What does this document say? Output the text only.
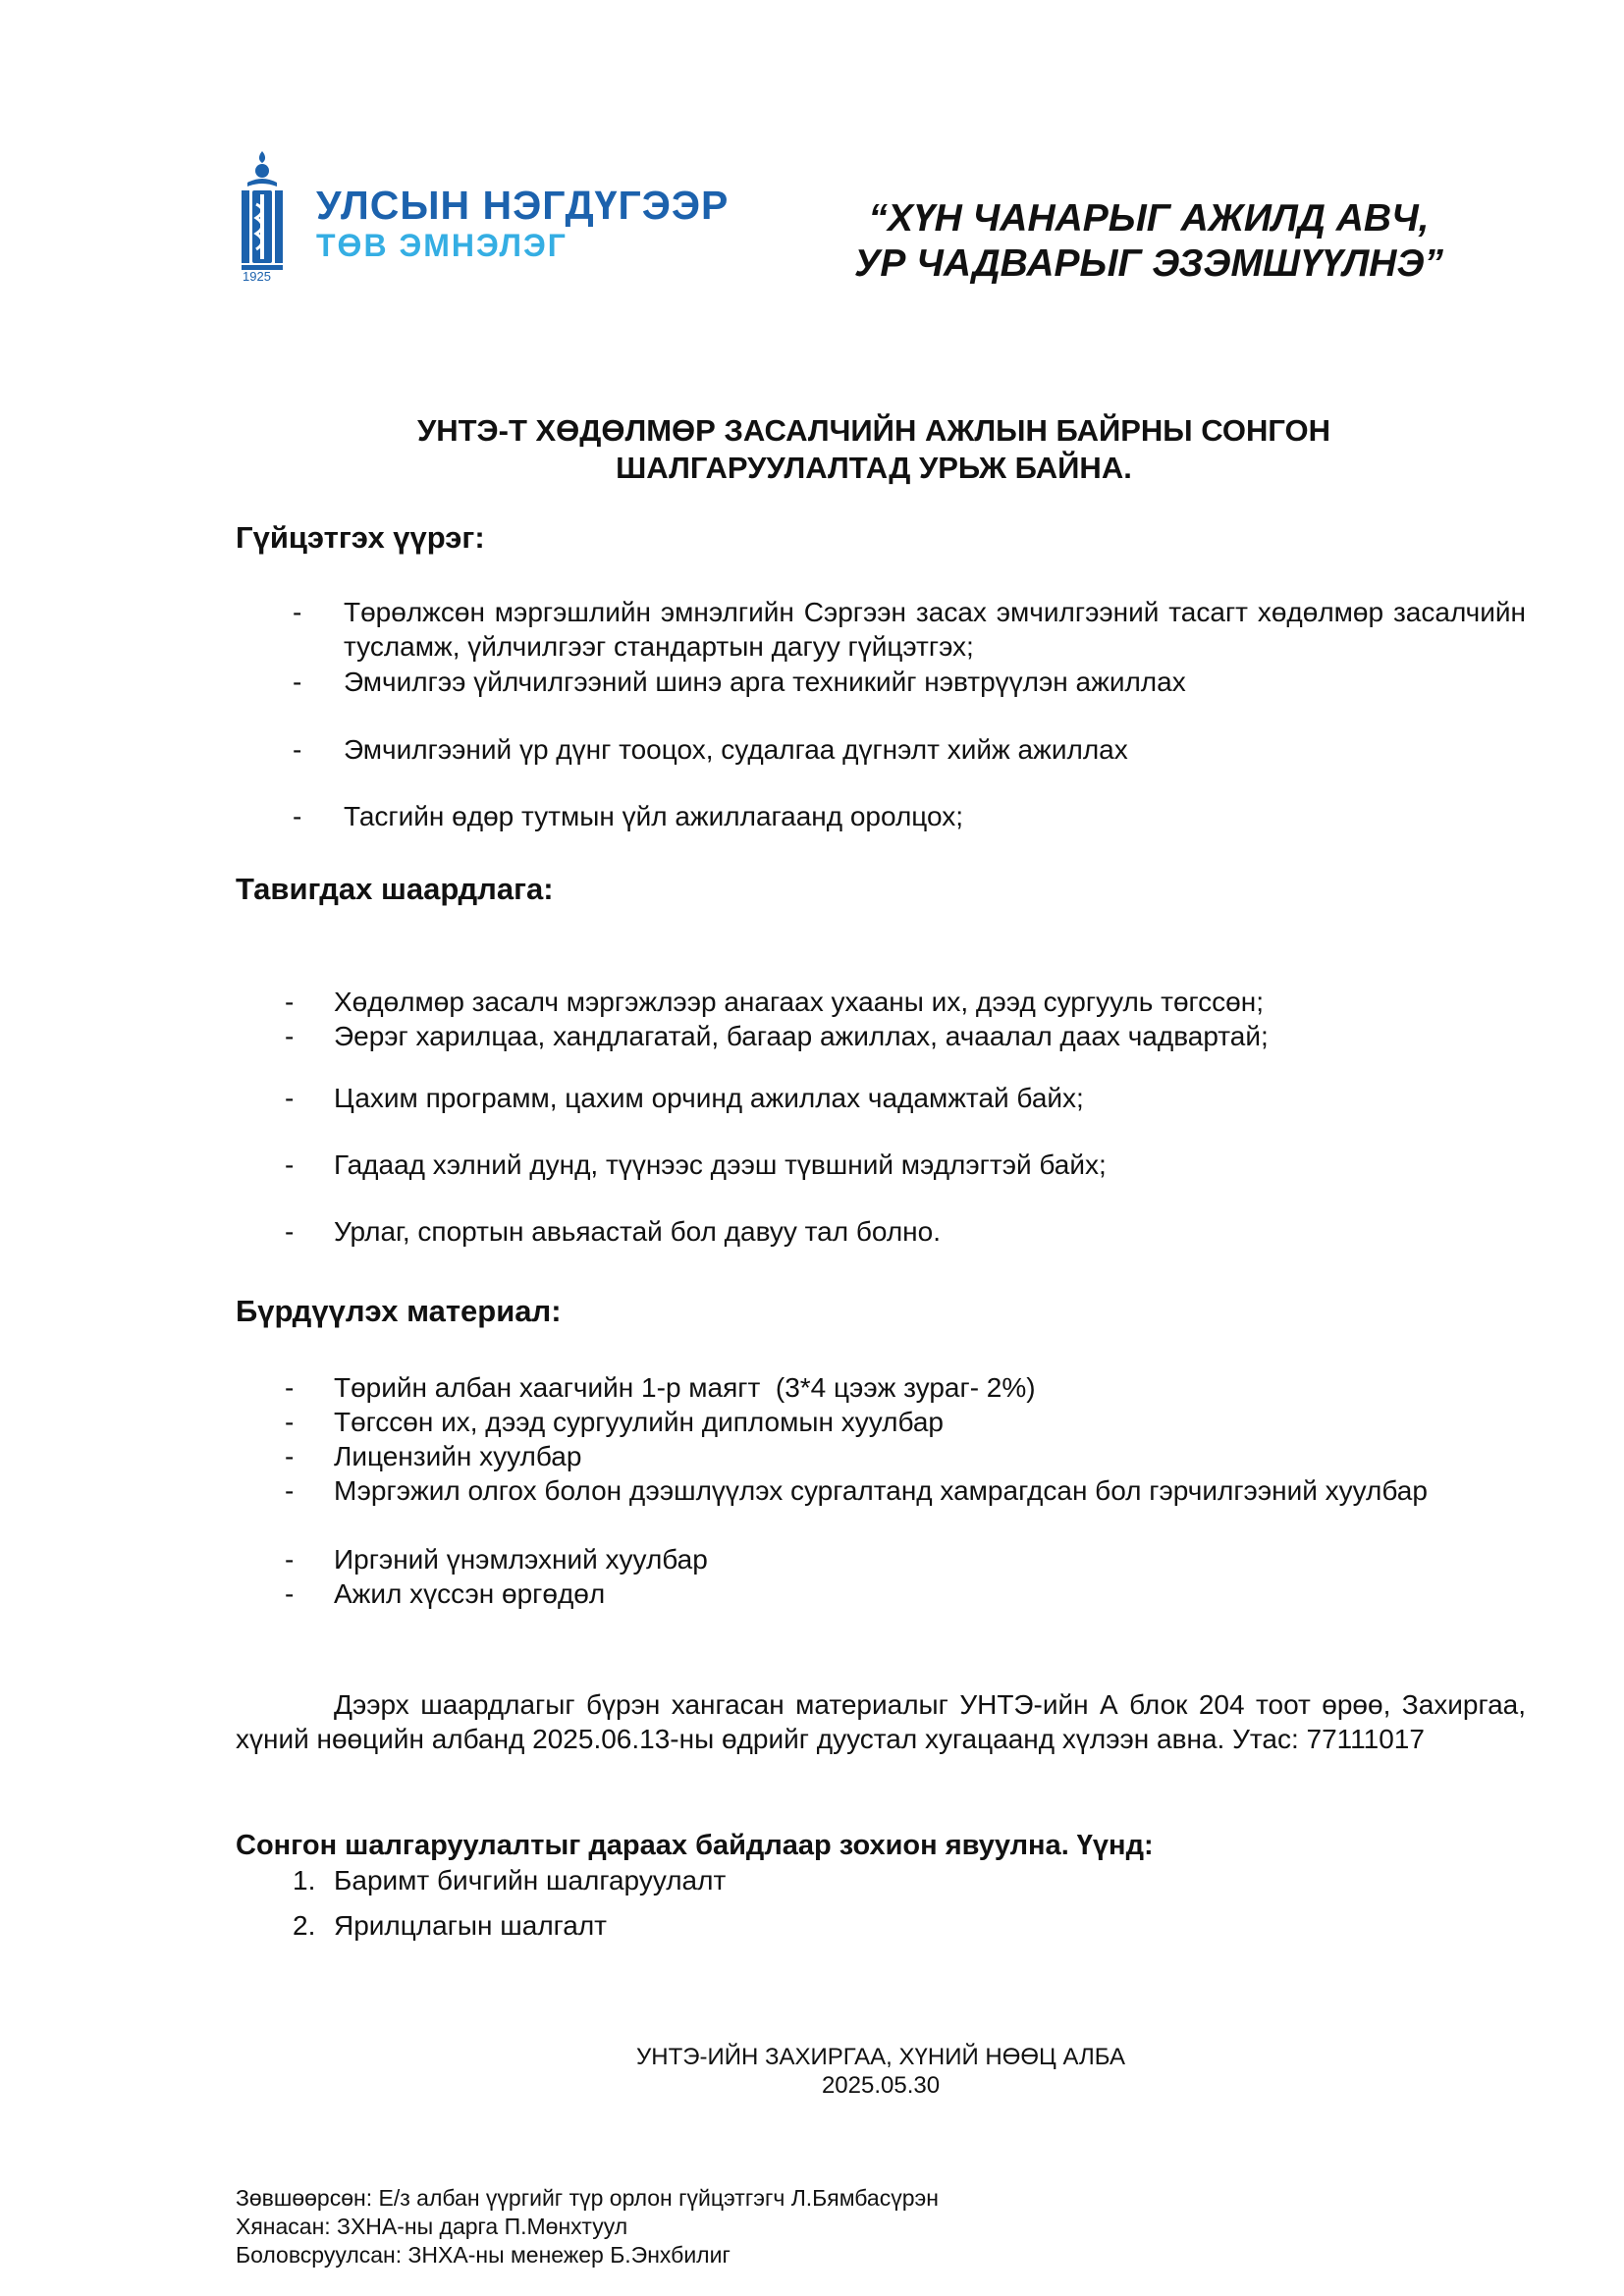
УЛСЫН НЭГДҮГЭЭР
ТӨВ ЭМНЭЛЭГ
1925
“ХҮН ЧАНАРЫГ АЖИЛД АВЧ,
УР ЧАДВАРЫГ ЭЗЭМШҮҮЛНЭ”
УНТЭ-Т ХӨДӨЛМӨР ЗАСАЛЧИЙН АЖЛЫН БАЙРНЫ СОНГОН
ШАЛГАРУУЛАЛТАД УРЬЖ БАЙНА.
Гүйцэтгэх үүрэг:
- Төрөлжсөн мэргэшлийн эмнэлгийн Сэргээн засах эмчилгээний тасагт хөдөлмөр засалчийн тусламж, үйлчилгээг стандартын дагуу гүйцэтгэх;
- Эмчилгээ үйлчилгээний шинэ арга техникийг нэвтрүүлэн ажиллах
- Эмчилгээний үр дүнг тооцох, судалгаа дүгнэлт хийж ажиллах
- Тасгийн өдөр тутмын үйл ажиллагаанд оролцох;
Тавигдах шаардлага:
- Хөдөлмөр засалч мэргэжлээр анагаах ухааны их, дээд сургууль төгссөн;
- Эерэг харилцаа, хандлагатай, багаар ажиллах, ачаалал даах чадвартай;
- Цахим программ, цахим орчинд ажиллах чадамжтай байх;
- Гадаад хэлний дунд, түүнээс дээш түвшний мэдлэгтэй байх;
- Урлаг, спортын авьяастай бол давуу тал болно.
Бүрдүүлэх материал:
- Төрийн албан хаагчийн 1-р маягт  (3*4 цээж зураг- 2%)
- Төгссөн их, дээд сургуулийн дипломын хуулбар
- Лицензийн хуулбар
- Мэргэжил олгох болон дээшлүүлэх сургалтанд хамрагдсан бол гэрчилгээний хуулбар
- Иргэний үнэмлэхний хуулбар
- Ажил хүссэн өргөдөл
Дээрх шаардлагыг бүрэн хангасан материалыг УНТЭ-ийн А блок 204 тоот өрөө, Захиргаа, хүний нөөцийн албанд 2025.06.13-ны өдрийг дуустал хугацаанд хүлээн авна. Утас: 77111017
Сонгон шалгаруулалтыг дараах байдлаар зохион явуулна. Үүнд:
1. Баримт бичгийн шалгаруулалт
2. Ярилцлагын шалгалт
УНТЭ-ИЙН ЗАХИРГАА, ХҮНИЙ НӨӨЦ АЛБА
2025.05.30
Зөвшөөрсөн: Е/з албан үүргийг түр орлон гүйцэтгэгч Л.Бямбасүрэн
Хянасан: ЗХНА-ны дарга П.Мөнхтуул
Боловсруулсан: ЗНХА-ны менежер Б.Энхбилиг
